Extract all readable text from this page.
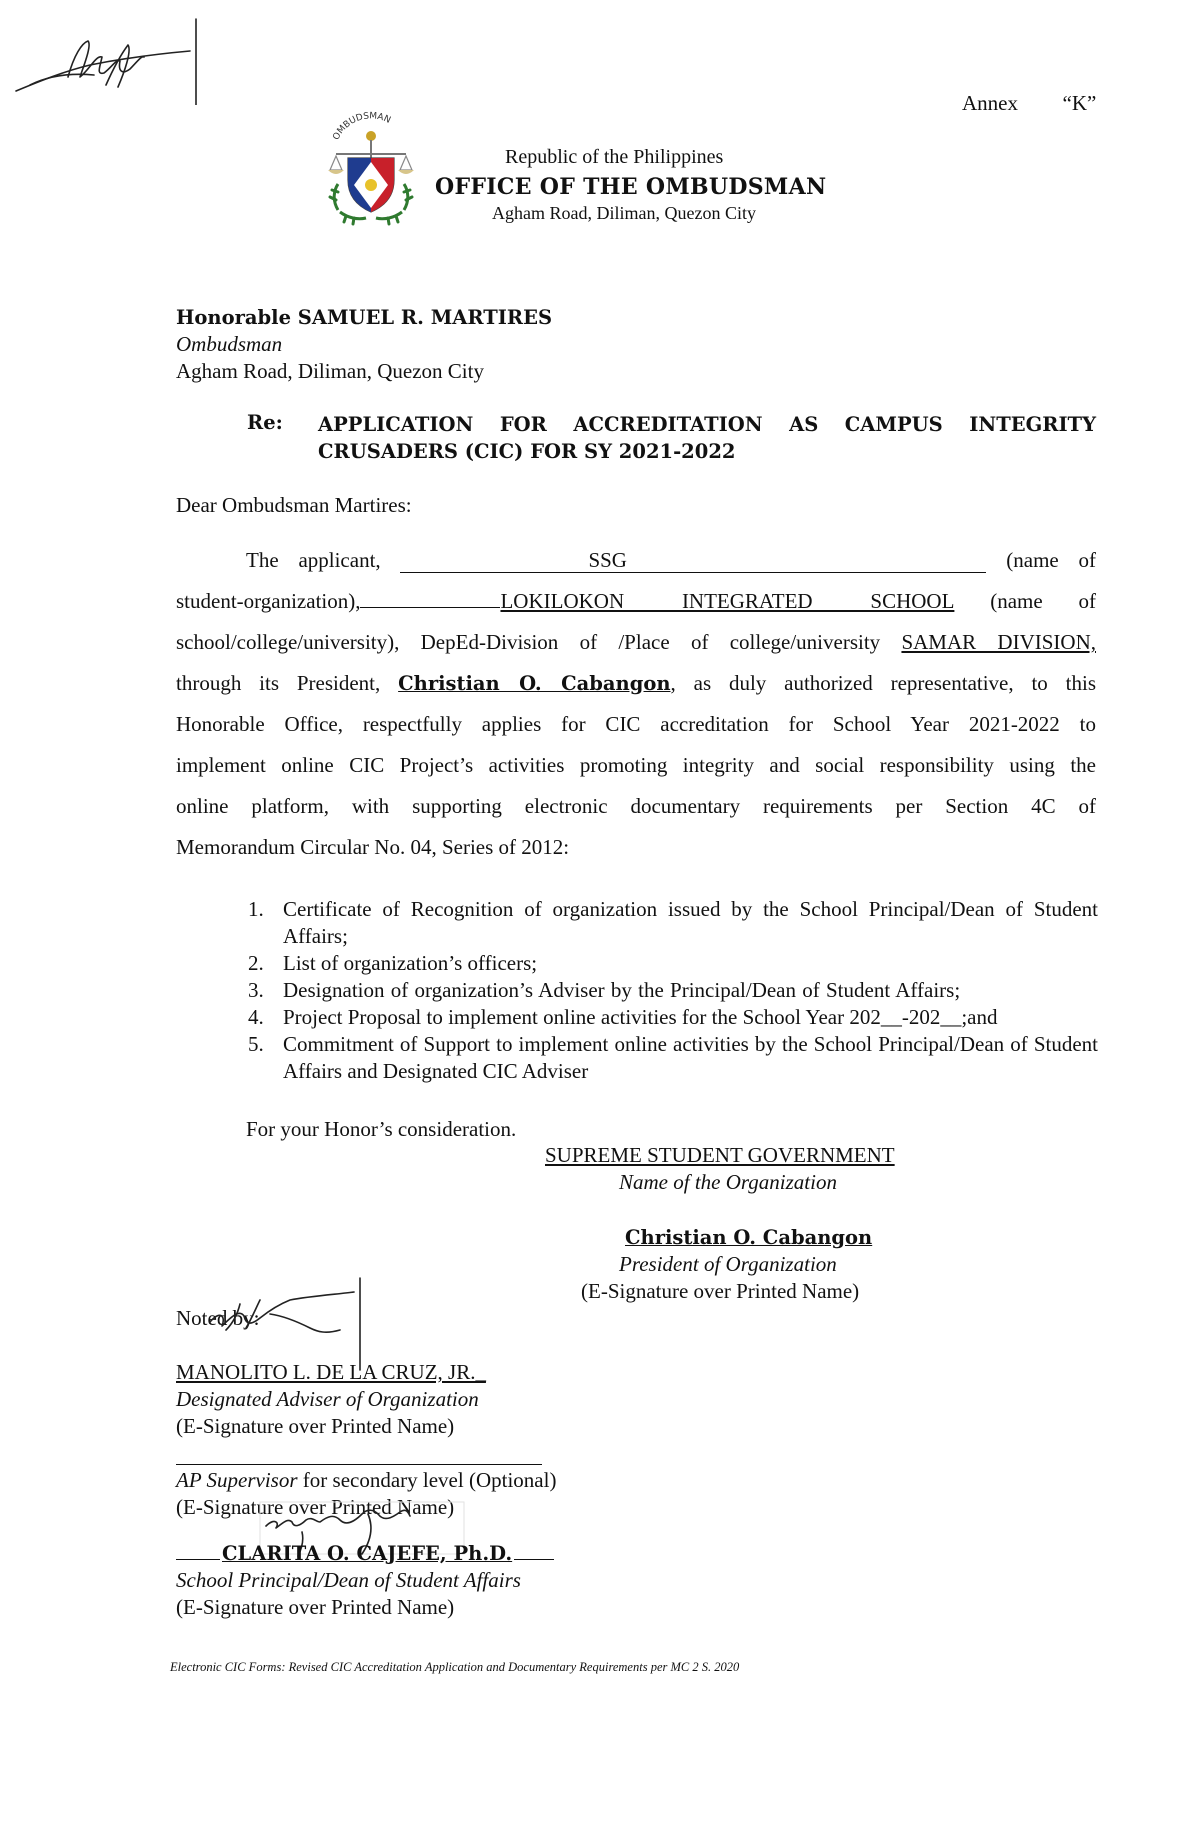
Annex “K”
OMBUDSMAN
Republic of the Philippines
OFFICE OF THE OMBUDSMAN
Agham Road, Diliman, Quezon City
Honorable SAMUEL R. MARTIRES
Ombudsman
Agham Road, Diliman, Quezon City
Re: APPLICATION FOR ACCREDITATION AS CAMPUS INTEGRITY
CRUSADERS (CIC) FOR SY 2021-2022
Dear Ombudsman Martires:
The applicant,	SSG	(name of
student-organization),	LOKILOKON INTEGRATED SCHOOL (name of
school/college/university), DepEd-Division of /Place of college/university SAMAR DIVISION,
through its President, Christian O. Cabangon, as duly authorized representative, to this
Honorable Office, respectfully applies for CIC accreditation for School Year 2021-2022 to
implement online CIC Project’s activities promoting integrity and social responsibility using the
online platform, with supporting electronic documentary requirements per Section 4C of
Memorandum Circular No. 04, Series of 2012:
1. Certificate of Recognition of organization issued by the School Principal/Dean of Student Affairs;
2. List of organization’s officers;
3. Designation of organization’s Adviser by the Principal/Dean of Student Affairs;
4. Project Proposal to implement online activities for the School Year 202__-202__;and
5. Commitment of Support to implement online activities by the School Principal/Dean of Student Affairs and Designated CIC Adviser
For your Honor’s consideration.
SUPREME STUDENT GOVERNMENT
Name of the Organization
Christian O. Cabangon
President of Organization
(E-Signature over Printed Name)
Noted by:
MANOLITO L. DE LA CRUZ, JR._
Designated Adviser of Organization
(E-Signature over Printed Name)
AP Supervisor for secondary level (Optional)
(E-Signature over Printed Name)
CLARITA O. CAJEFE, Ph.D.
School Principal/Dean of Student Affairs
(E-Signature over Printed Name)
Electronic CIC Forms: Revised CIC Accreditation Application and Documentary Requirements per MC 2 S. 2020
